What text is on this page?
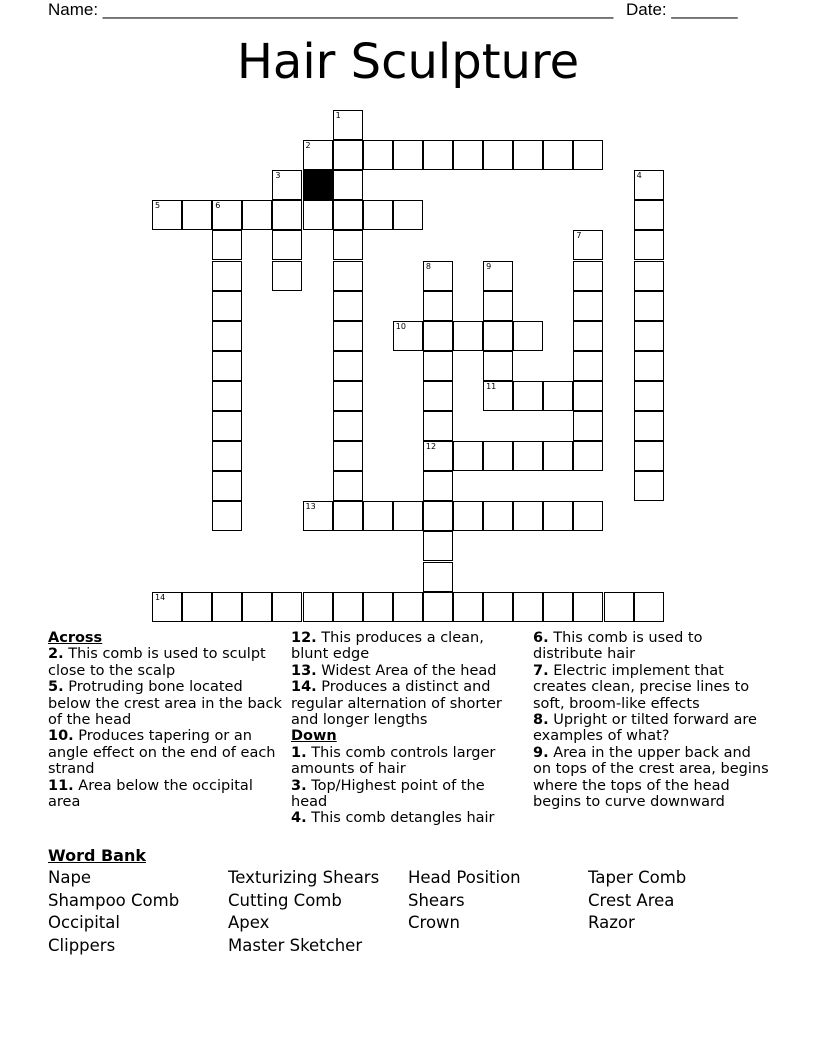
Name: ______________________________________________________ Date: _______
Hair Sculpture
1
2
3	4
5	6
7
8
12
9
11
10
13
14
Across
2. This comb is used to sculpt close to the scalp
5. Protruding bone located below the crest area in the back of the head
10. Produces tapering or an angle effect on the end of each strand
11. Area below the occipital area
12. This produces a clean, blunt edge
13. Widest Area of the head
14. Produces a distinct and regular alternation of shorter and longer lengths
Down
1. This comb controls larger amounts of hair
3. Top/Highest point of the head
4. This comb detangles hair
6. This comb is used to distribute hair
7. Electric implement that creates clean, precise lines to soft, broom-like effects
8. Upright or tilted forward are examples of what?
9. Area in the upper back and on tops of the crest area, begins where the tops of the head begins to curve downward
Word Bank
Nape
Shampoo Comb
Occipital
Clippers
Texturizing Shears
Cutting Comb
Apex
Master Sketcher
Head Position
Shears
Crown
Taper Comb
Crest Area
Razor
